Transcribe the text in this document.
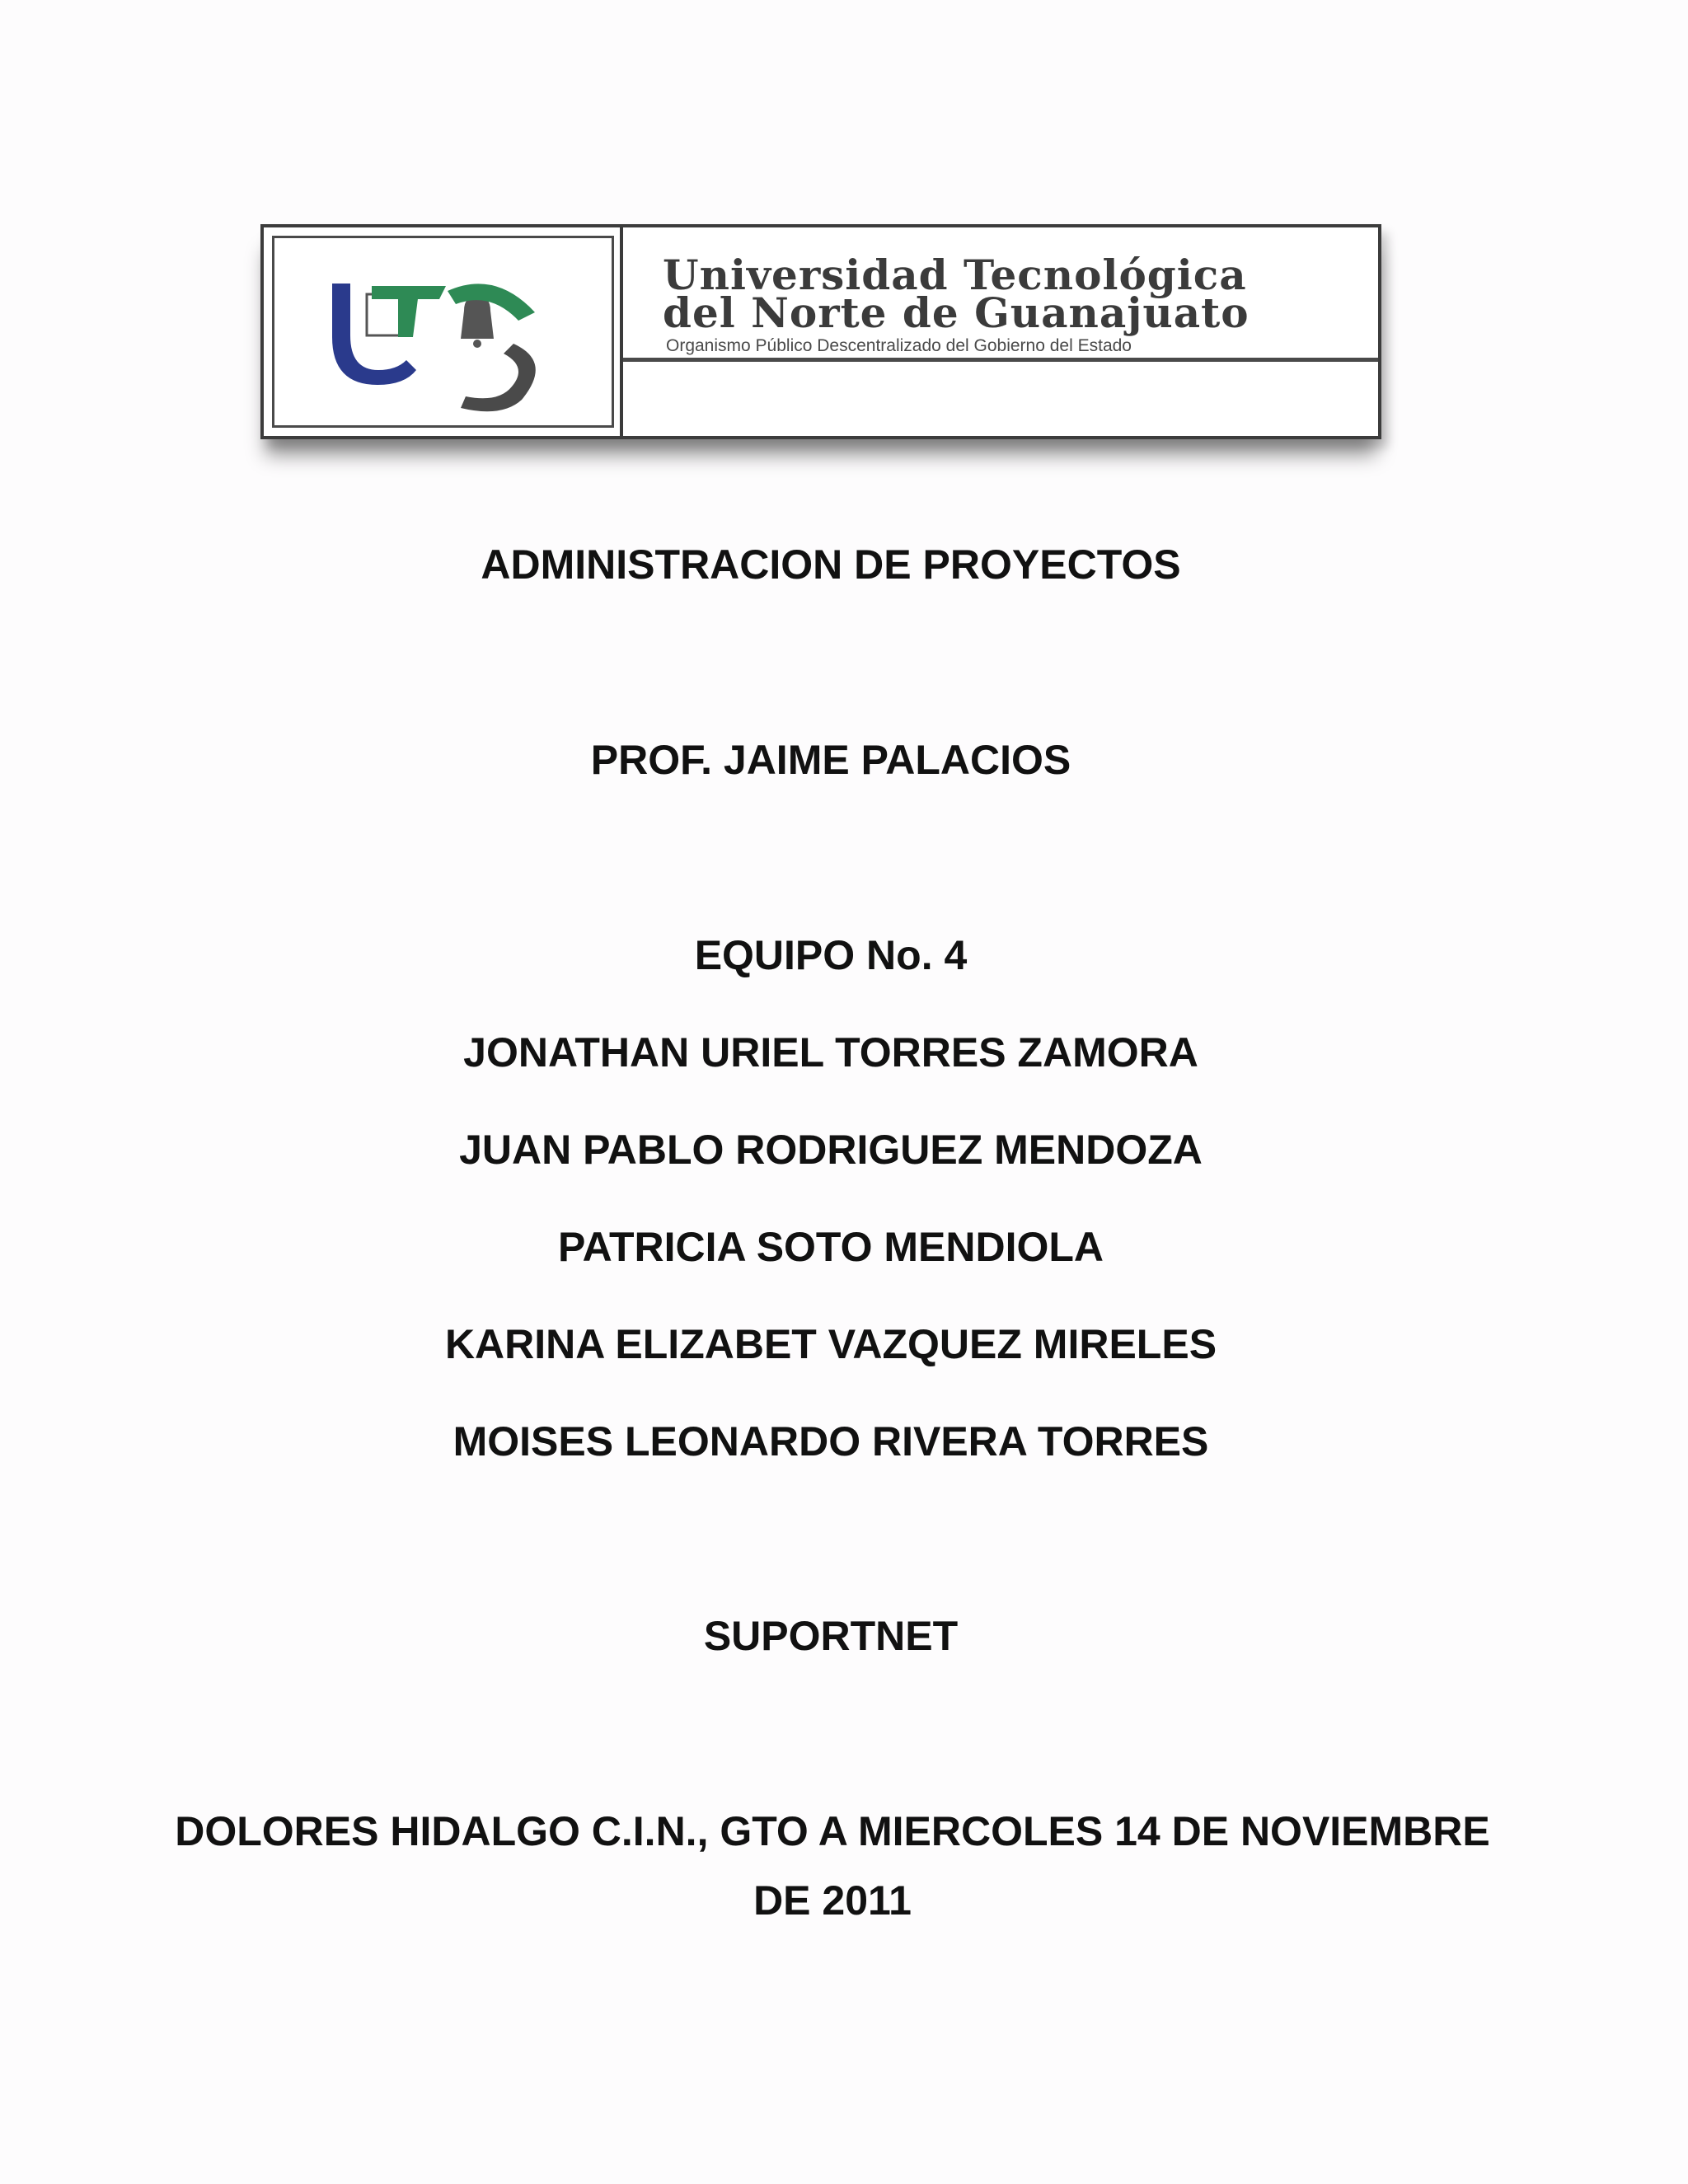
Universidad Tecnológica
del Norte de Guanajuato
Organismo Público Descentralizado del Gobierno del Estado
ADMINISTRACION DE PROYECTOS
PROF. JAIME PALACIOS
EQUIPO No. 4
JONATHAN URIEL TORRES ZAMORA
JUAN PABLO RODRIGUEZ MENDOZA
PATRICIA SOTO MENDIOLA
KARINA ELIZABET VAZQUEZ MIRELES
MOISES LEONARDO RIVERA TORRES
SUPORTNET
DOLORES HIDALGO C.I.N., GTO A MIERCOLES 14 DE NOVIEMBRE DE 2011
